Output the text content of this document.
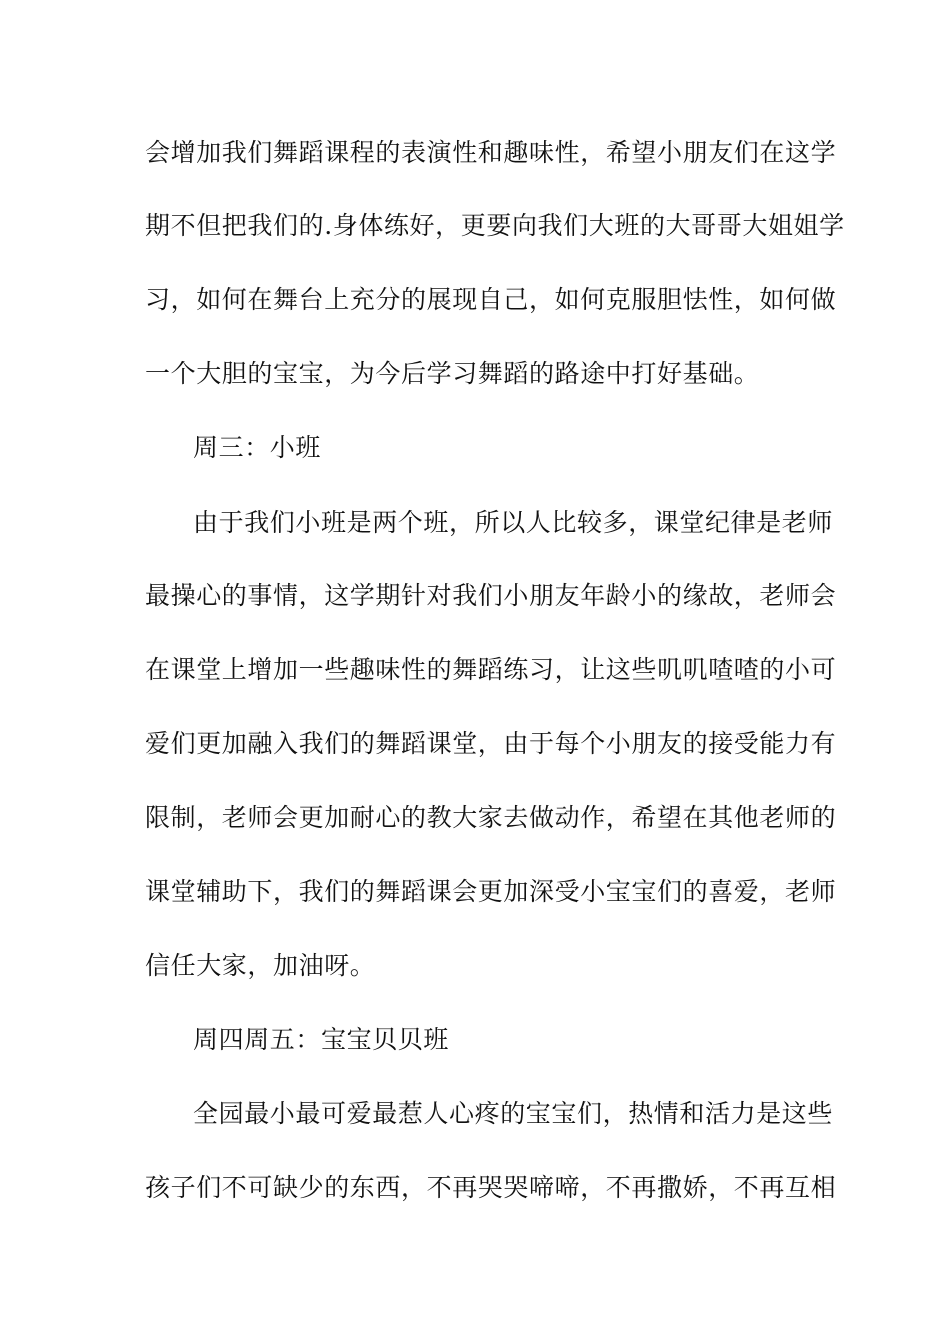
会增加我们舞蹈课程的表演性和趣味性，希望小朋友们在这学
期不但把我们的.身体练好，更要向我们大班的大哥哥大姐姐学
习，如何在舞台上充分的展现自己，如何克服胆怯性，如何做
一个大胆的宝宝，为今后学习舞蹈的路途中打好基础。
周三：小班
由于我们小班是两个班，所以人比较多，课堂纪律是老师
最操心的事情，这学期针对我们小朋友年龄小的缘故，老师会
在课堂上增加一些趣味性的舞蹈练习，让这些叽叽喳喳的小可
爱们更加融入我们的舞蹈课堂，由于每个小朋友的接受能力有
限制，老师会更加耐心的教大家去做动作，希望在其他老师的
课堂辅助下，我们的舞蹈课会更加深受小宝宝们的喜爱，老师
信任大家，加油呀。
周四周五：宝宝贝贝班
全园最小最可爱最惹人心疼的宝宝们，热情和活力是这些
孩子们不可缺少的东西，不再哭哭啼啼，不再撒娇，不再互相
